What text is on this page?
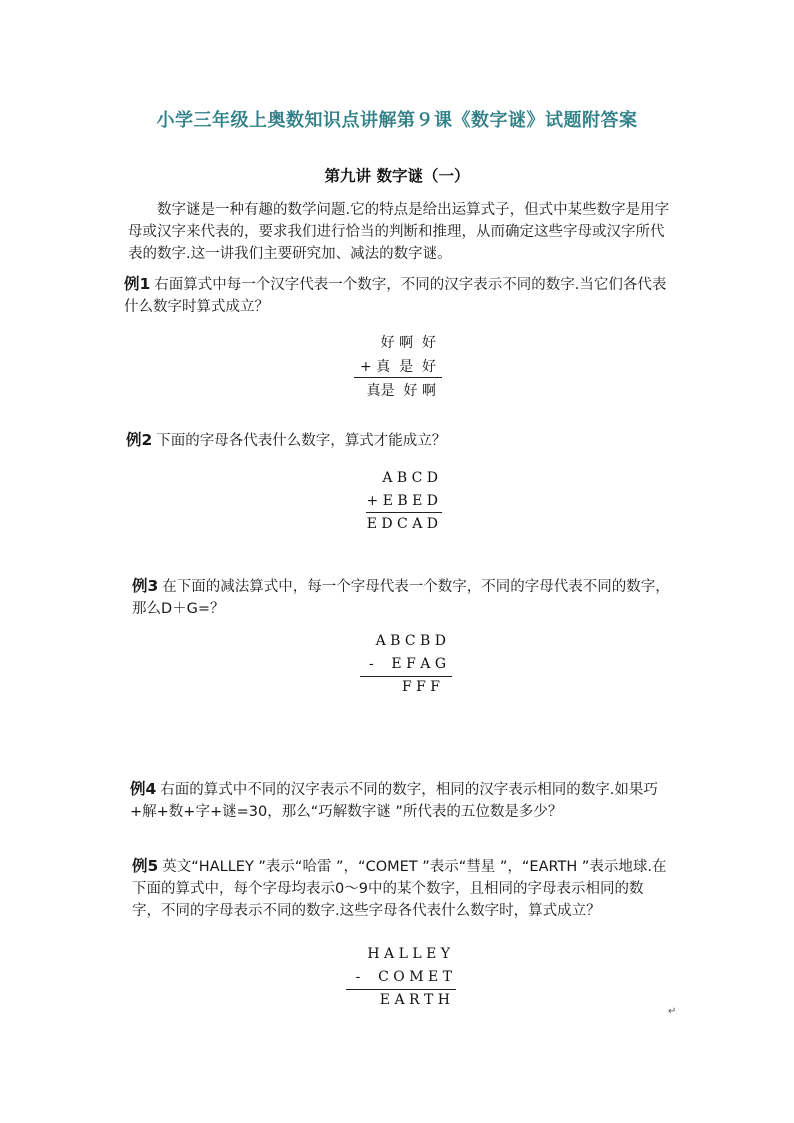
小学三年级上奥数知识点讲解第９课《数字谜》试题附答案
第九讲 数字谜（一）
数字谜是一种有趣的数学问题.它的特点是给出运算式子，但式中某些数字是用字母或汉字来代表的，要求我们进行恰当的判断和推理，从而确定这些字母或汉字所代表的数字.这一讲我们主要研究加、减法的数字谜。
例1 右面算式中每一个汉字代表一个数字，不同的汉字表示不同的数字.当它们各代表什么数字时算式成立？
好 啊  好
+ 真  是  好
真是  好 啊
例2 下面的字母各代表什么数字，算式才能成立？
A B C D
+ E B E D
E D C A D
例3 在下面的减法算式中，每一个字母代表一个数字，不同的字母代表不同的数字，那么D＋G=？
A B C B D
-    E F A G
F F F
例4 右面的算式中不同的汉字表示不同的数字，相同的汉字表示相同的数字.如果巧+解+数+字+谜=30，那么“巧解数字谜 ”所代表的五位数是多少？
例5 英文“HALLEY ”表示“哈雷 ”，“COMET ”表示“彗星 ”，“EARTH ”表示地球.在下面的算式中，每个字母均表示0～9中的某个数字，且相同的字母表示相同的数字，不同的字母表示不同的数字.这些字母各代表什么数字时，算式成立？
H A L L E Y
-    C O M E T
E A R T H
↵
